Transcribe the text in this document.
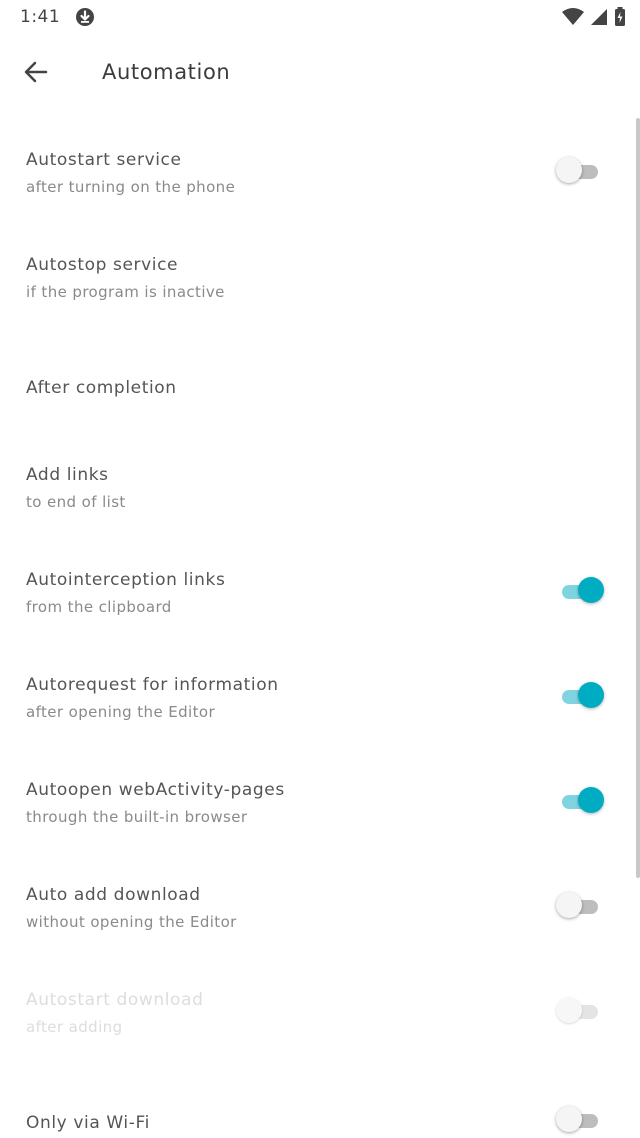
1:41

Automation
Autostart service
after turning on the phone
Autostop service
if the program is inactive
After completion
Add links
to end of list
Autointerception links
from the clipboard
Autorequest for information
after opening the Editor
Autoopen webActivity-pages
through the built-in browser
Auto add download
without opening the Editor
Autostart download
after adding
Only via Wi-Fi
